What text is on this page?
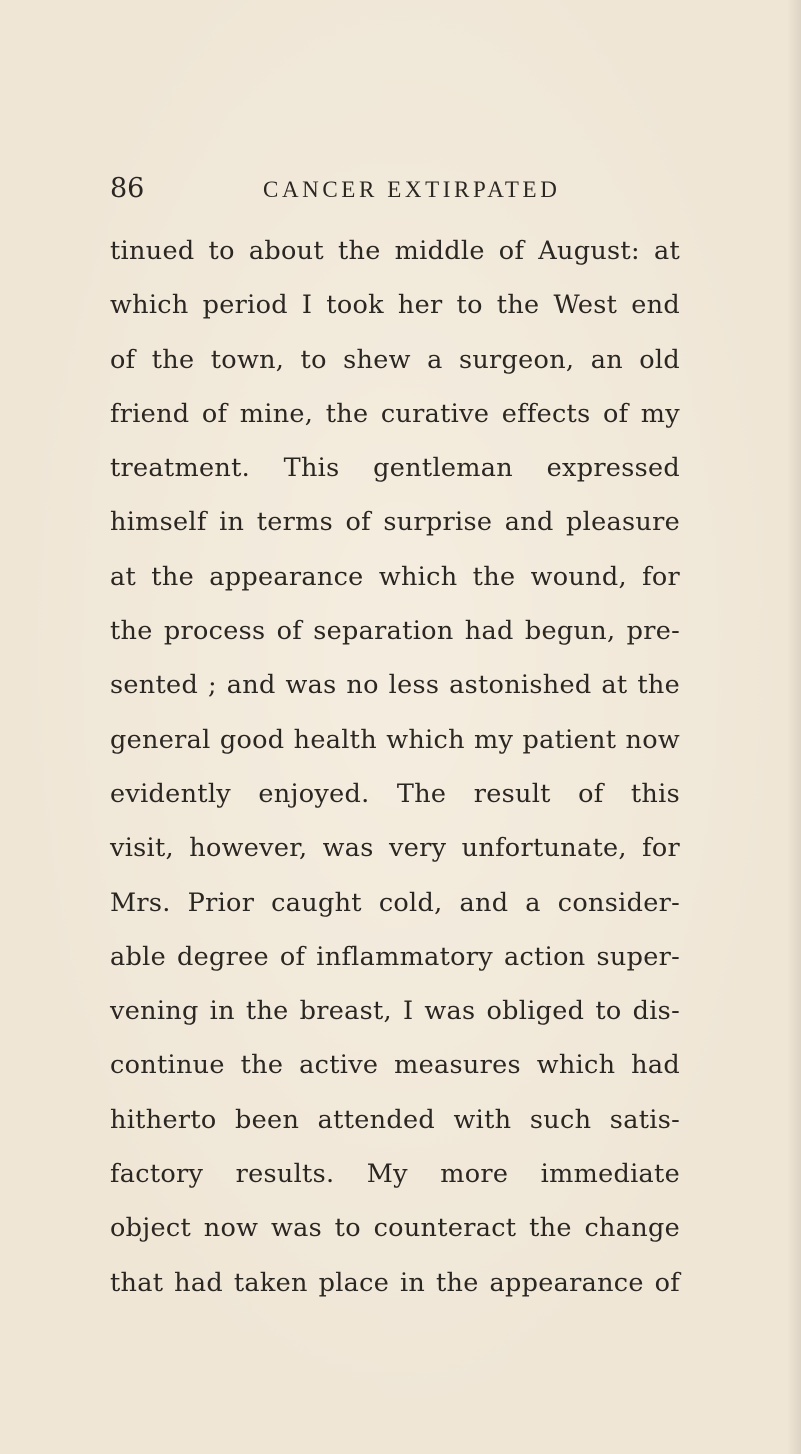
86	CANCER EXTIRPATED
tinued to about the middle of August: at
which period I took her to the West end
of the town, to shew a surgeon, an old
friend of mine, the curative effects of my
treatment. This gentleman expressed
himself in terms of surprise and pleasure
at the appearance which the wound, for
the process of separation had begun, pre-
sented ; and was no less astonished at the
general good health which my patient now
evidently enjoyed. The result of this
visit, however, was very unfortunate, for
Mrs. Prior caught cold, and a consider-
able degree of inflammatory action super-
vening in the breast, I was obliged to dis-
continue the active measures which had
hitherto been attended with such satis-
factory results. My more immediate
object now was to counteract the change
that had taken place in the appearance of
